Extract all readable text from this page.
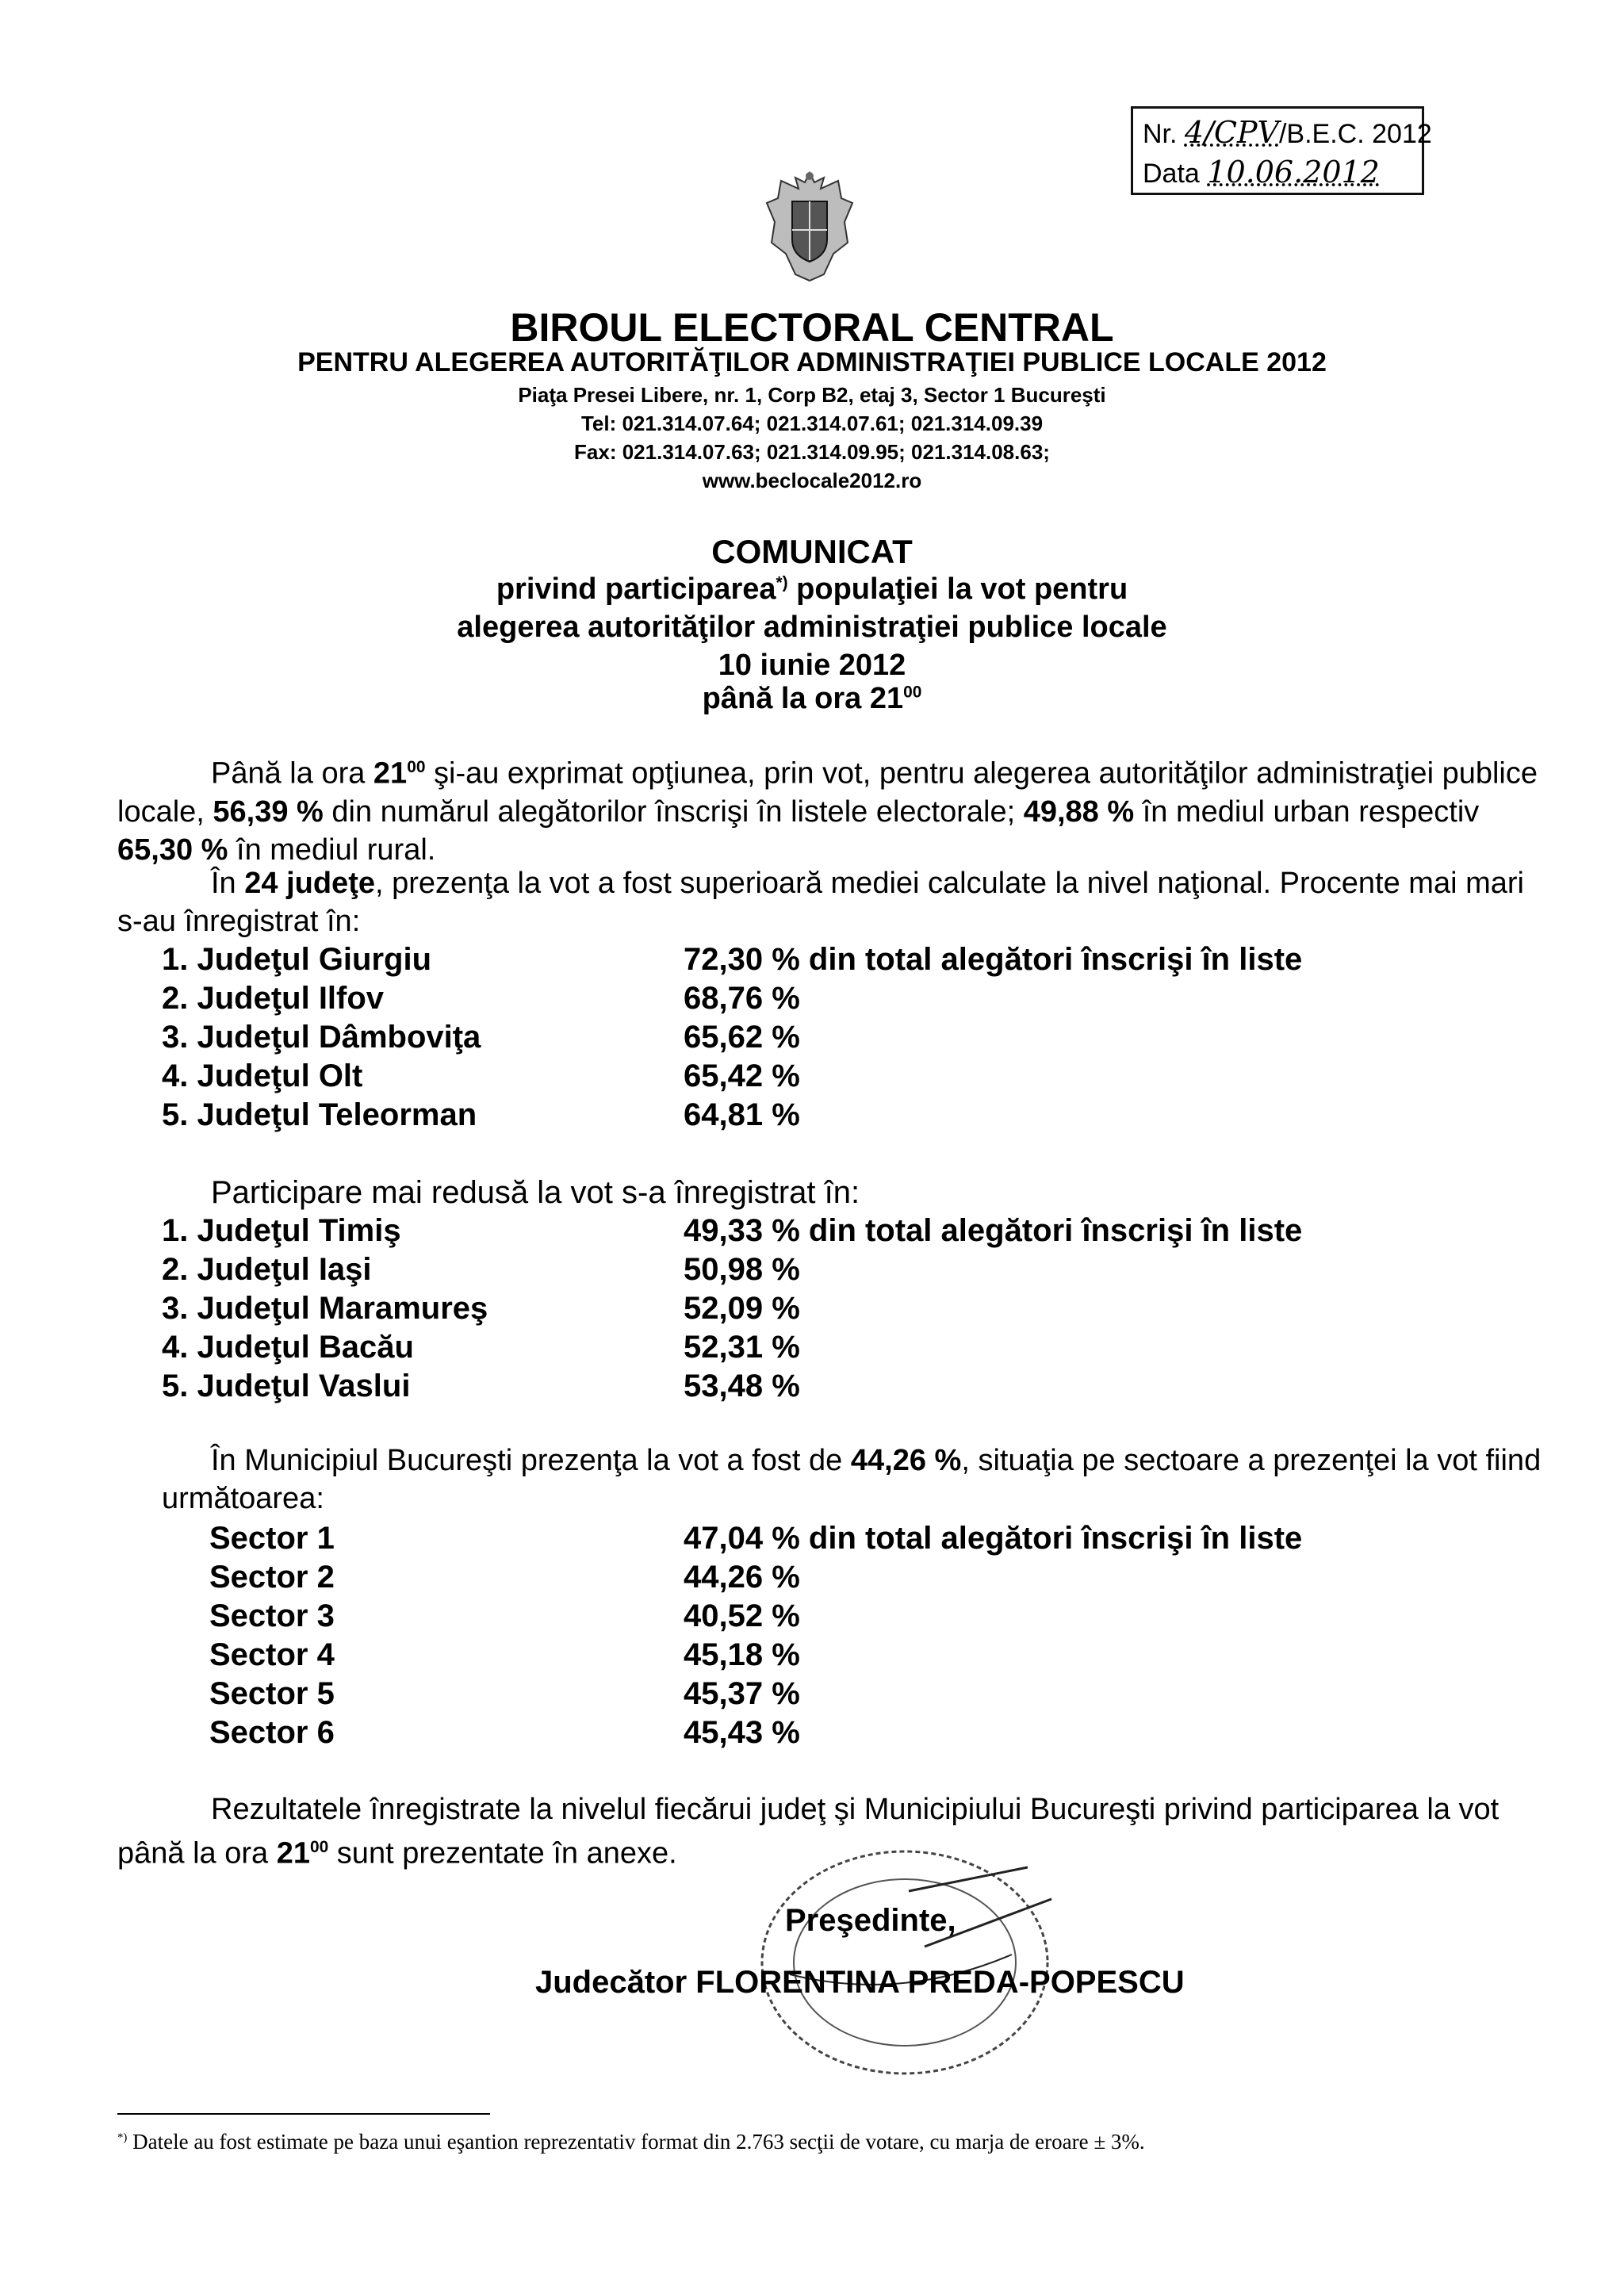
Nr. 4/CPV/B.E.C. 2012
Data 10.06.2012
BIROUL ELECTORAL CENTRAL
PENTRU ALEGEREA AUTORITĂŢILOR ADMINISTRAŢIEI PUBLICE LOCALE 2012
Piaţa Presei Libere, nr. 1, Corp B2, etaj 3, Sector 1 Bucureşti
Tel: 021.314.07.64; 021.314.07.61; 021.314.09.39
Fax: 021.314.07.63; 021.314.09.95; 021.314.08.63;
www.beclocale2012.ro
COMUNICAT
privind participarea*) populaţiei la vot pentru
alegerea autorităţilor administraţiei publice locale
10 iunie 2012
până la ora $21^{00}$
Până la ora $21^{00}$ şi-au exprimat opţiunea, prin vot, pentru alegerea autorităţilor administraţiei publice locale, 56,39 % din numărul alegătorilor înscrişi în listele electorale; 49,88 % în mediul urban respectiv 65,30 % în mediul rural.
În 24 judeţe, prezenţa la vot a fost superioară mediei calculate la nivel naţional. Procente mai mari s-au înregistrat în:
1. Judeţul Giurgiu	72,30 % din total alegători înscrişi în liste
2. Judeţul Ilfov	68,76 %
3. Judeţul Dâmboviţa	65,62 %
4. Judeţul Olt	65,42 %
5. Judeţul Teleorman	64,81 %
Participare mai redusă la vot s-a înregistrat în:
1. Judeţul Timiş	49,33 % din total alegători înscrişi în liste
2. Judeţul Iaşi	50,98 %
3. Judeţul Maramureş	52,09 %
4. Judeţul Bacău	52,31 %
5. Judeţul Vaslui	53,48 %
În Municipiul Bucureşti prezenţa la vot a fost de 44,26 %, situaţia pe sectoare a prezenţei la vot fiind următoarea:
Sector 1	47,04 % din total alegători înscrişi în liste
Sector 2	44,26 %
Sector 3	40,52 %
Sector 4	45,18 %
Sector 5	45,37 %
Sector 6	45,43 %
Rezultatele înregistrate la nivelul fiecărui judeţ şi Municipiului Bucureşti privind participarea la vot până la ora $21^{00}$ sunt prezentate în anexe.
Preşedinte,
Judecător FLORENTINA PREDA-POPESCU
*) Datele au fost estimate pe baza unui eşantion reprezentativ format din 2.763 secţii de votare, cu marja de eroare ± 3%.
